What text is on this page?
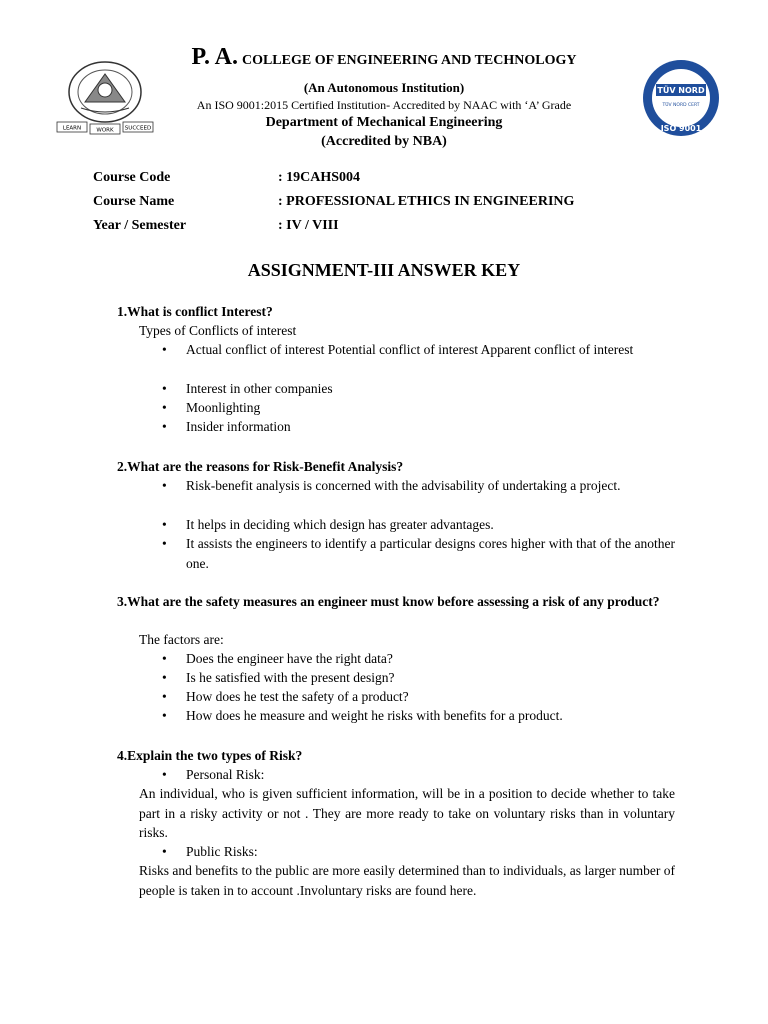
LEARN	WORK SUCCEED
P. A. COLLEGE OF ENGINEERING AND TECHNOLOGY
(An Autonomous Institution)
An ISO 9001:2015 Certified Institution- Accredited by NAAC with ‘A’ Grade
Department of Mechanical Engineering
(Accredited by NBA)
TÜV NORD
TÜV NORD CERT
ISO 9001
Course Code	: 19CAHS004
Course Name	: PROFESSIONAL ETHICS IN ENGINEERING
Year / Semester	: IV / VIII
ASSIGNMENT-III ANSWER KEY
1.What is conflict Interest?
Types of Conflicts of interest
• Actual conflict of interest Potential conflict of interest Apparent conflict of interest
• Interest in other companies
• Moonlighting
• Insider information
2.What are the reasons for Risk-Benefit Analysis?
• Risk-benefit analysis is concerned with the advisability of undertaking a project.
• It helps in deciding which design has greater advantages.
• It assists the engineers to identify a particular designs cores higher with that of the another one.
3.What are the safety measures an engineer must know before assessing a risk of any product?
The factors are:
• Does the engineer have the right data?
• Is he satisfied with the present design?
• How does he test the safety of a product?
• How does he measure and weight he risks with benefits for a product.
4.Explain the two types of Risk?
• Personal Risk:
An individual, who is given sufficient information, will be in a position to decide whether to take part in a risky activity or not . They are more ready to take on voluntary risks than in voluntary risks.
• Public Risks:
Risks and benefits to the public are more easily determined than to individuals, as larger number of people is taken in to account .Involuntary risks are found here.
